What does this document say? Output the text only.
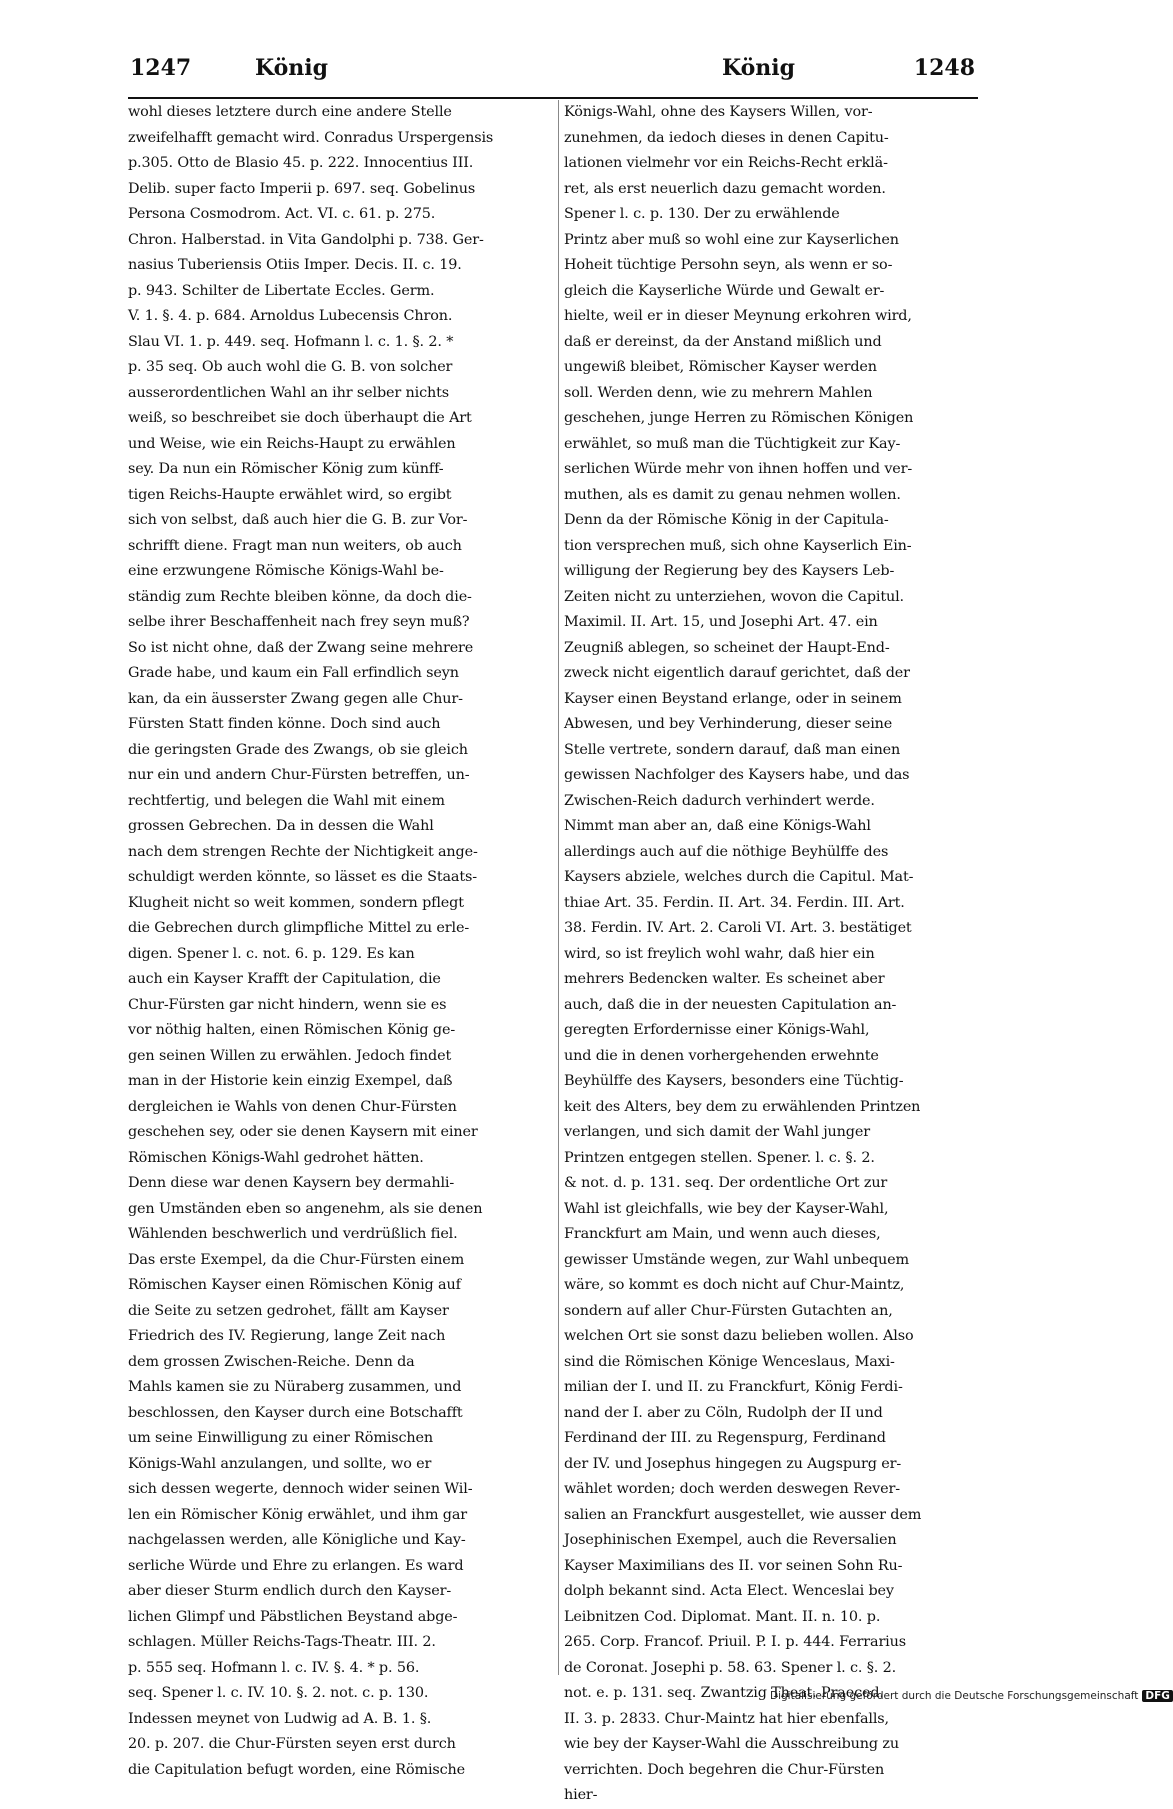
1247	König	König	1248
wohl dieses letztere durch eine andere Stelle
zweifelhafft gemacht wird. Conradus Urspergensis
p.305. Otto de Blasio 45. p. 222. Innocentius III.
Delib. super facto Imperii p. 697. seq. Gobelinus
Persona Cosmodrom. Act. VI. c. 61. p. 275.
Chron. Halberstad. in Vita Gandolphi p. 738. Ger-
nasius Tuberiensis Otiis Imper. Decis. II. c. 19.
p. 943. Schilter de Libertate Eccles. Germ.
V. 1. §. 4. p. 684. Arnoldus Lubecensis Chron.
Slau VI. 1. p. 449. seq. Hofmann l. c. 1. §. 2. *
p. 35 seq. Ob auch wohl die G. B. von solcher
ausserordentlichen Wahl an ihr selber nichts
weiß, so beschreibet sie doch überhaupt die Art
und Weise, wie ein Reichs-Haupt zu erwählen
sey. Da nun ein Römischer König zum künff-
tigen Reichs-Haupte erwählet wird, so ergibt
sich von selbst, daß auch hier die G. B. zur Vor-
schrifft diene. Fragt man nun weiters, ob auch
eine erzwungene Römische Königs-Wahl be-
ständig zum Rechte bleiben könne, da doch die-
selbe ihrer Beschaffenheit nach frey seyn muß?
So ist nicht ohne, daß der Zwang seine mehrere
Grade habe, und kaum ein Fall erfindlich seyn
kan, da ein äusserster Zwang gegen alle Chur-
Fürsten Statt finden könne. Doch sind auch
die geringsten Grade des Zwangs, ob sie gleich
nur ein und andern Chur-Fürsten betreffen, un-
rechtfertig, und belegen die Wahl mit einem
grossen Gebrechen. Da in dessen die Wahl
nach dem strengen Rechte der Nichtigkeit ange-
schuldigt werden könnte, so lässet es die Staats-
Klugheit nicht so weit kommen, sondern pflegt
die Gebrechen durch glimpfliche Mittel zu erle-
digen. Spener l. c. not. 6. p. 129. Es kan
auch ein Kayser Krafft der Capitulation, die
Chur-Fürsten gar nicht hindern, wenn sie es
vor nöthig halten, einen Römischen König ge-
gen seinen Willen zu erwählen. Jedoch findet
man in der Historie kein einzig Exempel, daß
dergleichen ie Wahls von denen Chur-Fürsten
geschehen sey, oder sie denen Kaysern mit einer
Römischen Königs-Wahl gedrohet hätten.
Denn diese war denen Kaysern bey dermahli-
gen Umständen eben so angenehm, als sie denen
Wählenden beschwerlich und verdrüßlich fiel.
Das erste Exempel, da die Chur-Fürsten einem
Römischen Kayser einen Römischen König auf
die Seite zu setzen gedrohet, fällt am Kayser
Friedrich des IV. Regierung, lange Zeit nach
dem grossen Zwischen-Reiche. Denn da
Mahls kamen sie zu Nüraberg zusammen, und
beschlossen, den Kayser durch eine Botschafft
um seine Einwilligung zu einer Römischen
Königs-Wahl anzulangen, und sollte, wo er
sich dessen wegerte, dennoch wider seinen Wil-
len ein Römischer König erwählet, und ihm gar
nachgelassen werden, alle Königliche und Kay-
serliche Würde und Ehre zu erlangen. Es ward
aber dieser Sturm endlich durch den Kayser-
lichen Glimpf und Päbstlichen Beystand abge-
schlagen. Müller Reichs-Tags-Theatr. III. 2.
p. 555 seq. Hofmann l. c. IV. §. 4. * p. 56.
seq. Spener l. c. IV. 10. §. 2. not. c. p. 130.
Indessen meynet von Ludwig ad A. B. 1. §.
20. p. 207. die Chur-Fürsten seyen erst durch
die Capitulation befugt worden, eine Römische
Königs-Wahl, ohne des Kaysers Willen, vor-
zunehmen, da iedoch dieses in denen Capitu-
lationen vielmehr vor ein Reichs-Recht erklä-
ret, als erst neuerlich dazu gemacht worden.
Spener l. c. p. 130. Der zu erwählende
Printz aber muß so wohl eine zur Kayserlichen
Hoheit tüchtige Persohn seyn, als wenn er so-
gleich die Kayserliche Würde und Gewalt er-
hielte, weil er in dieser Meynung erkohren wird,
daß er dereinst, da der Anstand mißlich und
ungewiß bleibet, Römischer Kayser werden
soll. Werden denn, wie zu mehrern Mahlen
geschehen, junge Herren zu Römischen Königen
erwählet, so muß man die Tüchtigkeit zur Kay-
serlichen Würde mehr von ihnen hoffen und ver-
muthen, als es damit zu genau nehmen wollen.
Denn da der Römische König in der Capitula-
tion versprechen muß, sich ohne Kayserlich Ein-
willigung der Regierung bey des Kaysers Leb-
Zeiten nicht zu unterziehen, wovon die Capitul.
Maximil. II. Art. 15, und Josephi Art. 47. ein
Zeugniß ablegen, so scheinet der Haupt-End-
zweck nicht eigentlich darauf gerichtet, daß der
Kayser einen Beystand erlange, oder in seinem
Abwesen, und bey Verhinderung, dieser seine
Stelle vertrete, sondern darauf, daß man einen
gewissen Nachfolger des Kaysers habe, und das
Zwischen-Reich dadurch verhindert werde.
Nimmt man aber an, daß eine Königs-Wahl
allerdings auch auf die nöthige Beyhülffe des
Kaysers abziele, welches durch die Capitul. Mat-
thiae Art. 35. Ferdin. II. Art. 34. Ferdin. III. Art.
38. Ferdin. IV. Art. 2. Caroli VI. Art. 3. bestätiget
wird, so ist freylich wohl wahr, daß hier ein
mehrers Bedencken walter. Es scheinet aber
auch, daß die in der neuesten Capitulation an-
geregten Erfordernisse einer Königs-Wahl,
und die in denen vorhergehenden erwehnte
Beyhülffe des Kaysers, besonders eine Tüchtig-
keit des Alters, bey dem zu erwählenden Printzen
verlangen, und sich damit der Wahl junger
Printzen entgegen stellen. Spener. l. c. §. 2.
& not. d. p. 131. seq. Der ordentliche Ort zur
Wahl ist gleichfalls, wie bey der Kayser-Wahl,
Franckfurt am Main, und wenn auch dieses,
gewisser Umstände wegen, zur Wahl unbequem
wäre, so kommt es doch nicht auf Chur-Maintz,
sondern auf aller Chur-Fürsten Gutachten an,
welchen Ort sie sonst dazu belieben wollen. Also
sind die Römischen Könige Wenceslaus, Maxi-
milian der I. und II. zu Franckfurt, König Ferdi-
nand der I. aber zu Cöln, Rudolph der II und
Ferdinand der III. zu Regenspurg, Ferdinand
der IV. und Josephus hingegen zu Augspurg er-
wählet worden; doch werden deswegen Rever-
salien an Franckfurt ausgestellet, wie ausser dem
Josephinischen Exempel, auch die Reversalien
Kayser Maximilians des II. vor seinen Sohn Ru-
dolph bekannt sind. Acta Elect. Wenceslai bey
Leibnitzen Cod. Diplomat. Mant. II. n. 10. p.
265. Corp. Francof. Priuil. P. I. p. 444. Ferrarius
de Coronat. Josephi p. 58. 63. Spener l. c. §. 2.
not. e. p. 131. seq. Zwantzig Theat. Praeced.
II. 3. p. 2833. Chur-Maintz hat hier ebenfalls,
wie bey der Kayser-Wahl die Ausschreibung zu
verrichten. Doch begehren die Chur-Fürsten
hier-
Digitalisierung gefördert durch die Deutsche Forschungsgemeinschaft DFG
